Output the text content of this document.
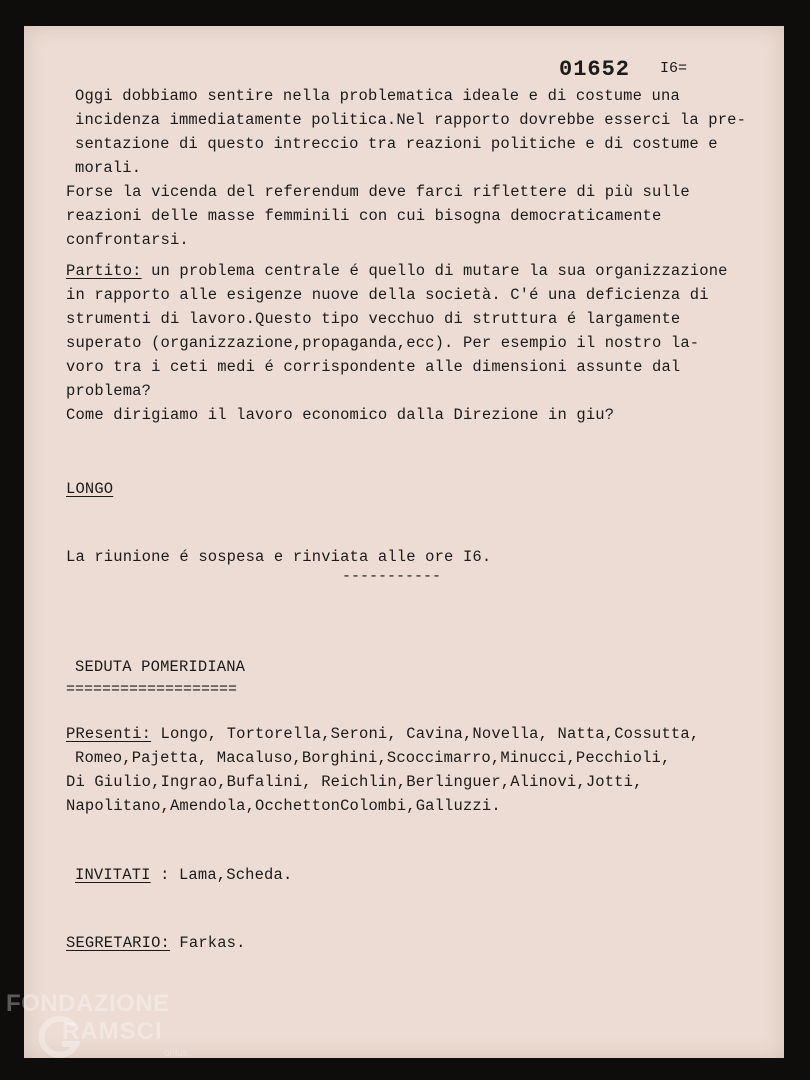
01652 I6=

Oggi dobbiamo sentire nella problematica ideale e di costume una

incidenza immediatamente politica.Nel rapporto dovrebbe esserci la pre-

sentazione di questo intreccio tra reazioni politiche e di costume e

morali.

Forse la vicenda del referendum deve farci riflettere di più sulle

reazioni delle masse femminili con cui bisogna democraticamente

confrontarsi.

Partito: un problema centrale é quello di mutare la sua organizzazione

in rapporto alle esigenze nuove della società. C'é una deficienza di

strumenti di lavoro.Questo tipo vecchuo di struttura é largamente

superato (organizzazione,propaganda,ecc). Per esempio il nostro la-

voro tra i ceti medi é corrispondente alle dimensioni assunte dal

problema?

Come dirigiamo il lavoro economico dalla Direzione in giu?

LONGO

La riunione é sospesa e rinviata alle ore I6.

-----------

SEDUTA POMERIDIANA

===================

PResenti: Longo, Tortorella,Seroni, Cavina,Novella, Natta,Cossutta,

Romeo,Pajetta, Macaluso,Borghini,Scoccimarro,Minucci,Pecchioli,

Di Giulio,Ingrao,Bufalini, Reichlin,Berlinguer,Alinovi,Jotti,

Napolitano,Amendola,OcchettonColombi,Galluzzi.

INVITATI : Lama,Scheda.

SEGRETARIO: Farkas.

FONDAZIONE
RAMSCI
onlus
